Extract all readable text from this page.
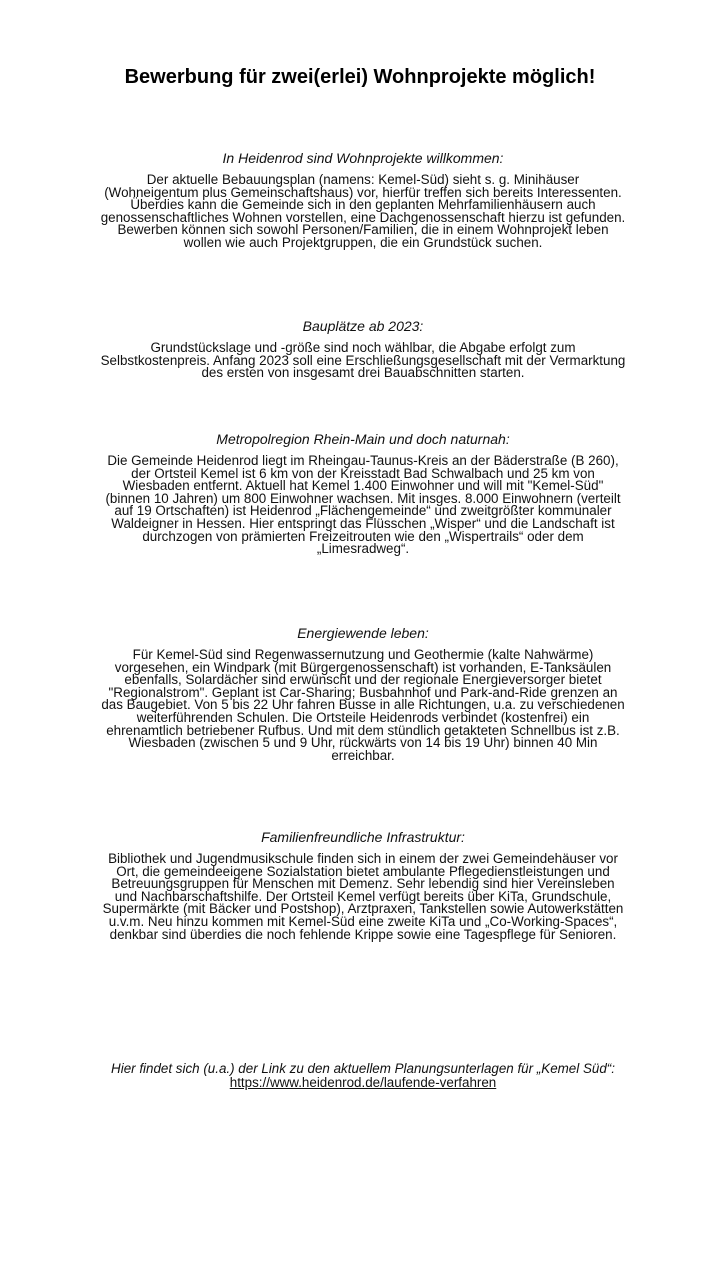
Bewerbung für zwei(erlei) Wohnprojekte möglich!
In Heidenrod sind Wohnprojekte willkommen:

Der aktuelle Bebauungsplan (namens: Kemel-Süd) sieht s. g. Minihäuser (Wohneigentum plus Gemeinschaftshaus) vor, hierfür treffen sich bereits Interessenten. Überdies kann die Gemeinde sich in den geplanten Mehrfamilienhäusern auch genossenschaftliches Wohnen vorstellen, eine Dachgenossenschaft hierzu ist gefunden. Bewerben können sich sowohl Personen/Familien, die in einem Wohnprojekt leben wollen wie auch Projektgruppen, die ein Grundstück suchen.

Bauplätze ab 2023:

Grundstückslage und -größe sind noch wählbar, die Abgabe erfolgt zum Selbstkostenpreis. Anfang 2023 soll eine Erschließungsgesellschaft mit der Vermarktung des ersten von insgesamt drei Bauabschnitten starten.

Metropolregion Rhein-Main und doch naturnah:

Die Gemeinde Heidenrod liegt im Rheingau-Taunus-Kreis an der Bäderstraße (B 260), der Ortsteil Kemel ist 6 km von der Kreisstadt Bad Schwalbach und 25 km von Wiesbaden entfernt. Aktuell hat Kemel 1.400 Einwohner und will mit "Kemel-Süd" (binnen 10 Jahren) um 800 Einwohner wachsen. Mit insges. 8.000 Einwohnern (verteilt auf 19 Ortschaften) ist Heidenrod „Flächengemeinde“ und zweitgrößter kommunaler Waldeigner in Hessen. Hier entspringt das Flüsschen „Wisper“ und die Landschaft ist durchzogen von prämierten Freizeitrouten wie den „Wispertrails“ oder dem „Limesradweg“.

Energiewende leben:

Für Kemel-Süd sind Regenwassernutzung und Geothermie (kalte Nahwärme) vorgesehen, ein Windpark (mit Bürgergenossenschaft) ist vorhanden, E-Tanksäulen ebenfalls, Solardächer sind erwünscht und der regionale Energieversorger bietet "Regionalstrom". Geplant ist Car-Sharing; Busbahnhof und Park-and-Ride grenzen an das Baugebiet. Von 5 bis 22 Uhr fahren Busse in alle Richtungen, u.a. zu verschiedenen weiterführenden Schulen. Die Ortsteile Heidenrods verbindet (kostenfrei) ein ehrenamtlich betriebener Rufbus. Und mit dem stündlich getakteten Schnellbus ist z.B. Wiesbaden (zwischen 5 und 9 Uhr, rückwärts von 14 bis 19 Uhr) binnen 40 Min erreichbar.

Familienfreundliche Infrastruktur:

Bibliothek und Jugendmusikschule finden sich in einem der zwei Gemeindehäuser vor Ort, die gemeindeeigene Sozialstation bietet ambulante Pflegedienstleistungen und Betreuungsgruppen für Menschen mit Demenz. Sehr lebendig sind hier Vereinsleben und Nachbarschaftshilfe. Der Ortsteil Kemel verfügt bereits über KiTa, Grundschule, Supermärkte (mit Bäcker und Postshop), Arztpraxen, Tankstellen sowie Autowerkstätten u.v.m. Neu hinzu kommen mit Kemel-Süd eine zweite KiTa und „Co-Working-Spaces“, denkbar sind überdies die noch fehlende Krippe sowie eine Tagespflege für Senioren.

Hier findet sich (u.a.) der Link zu den aktuellem Planungsunterlagen für „Kemel Süd“: https://www.heidenrod.de/laufende-verfahren
